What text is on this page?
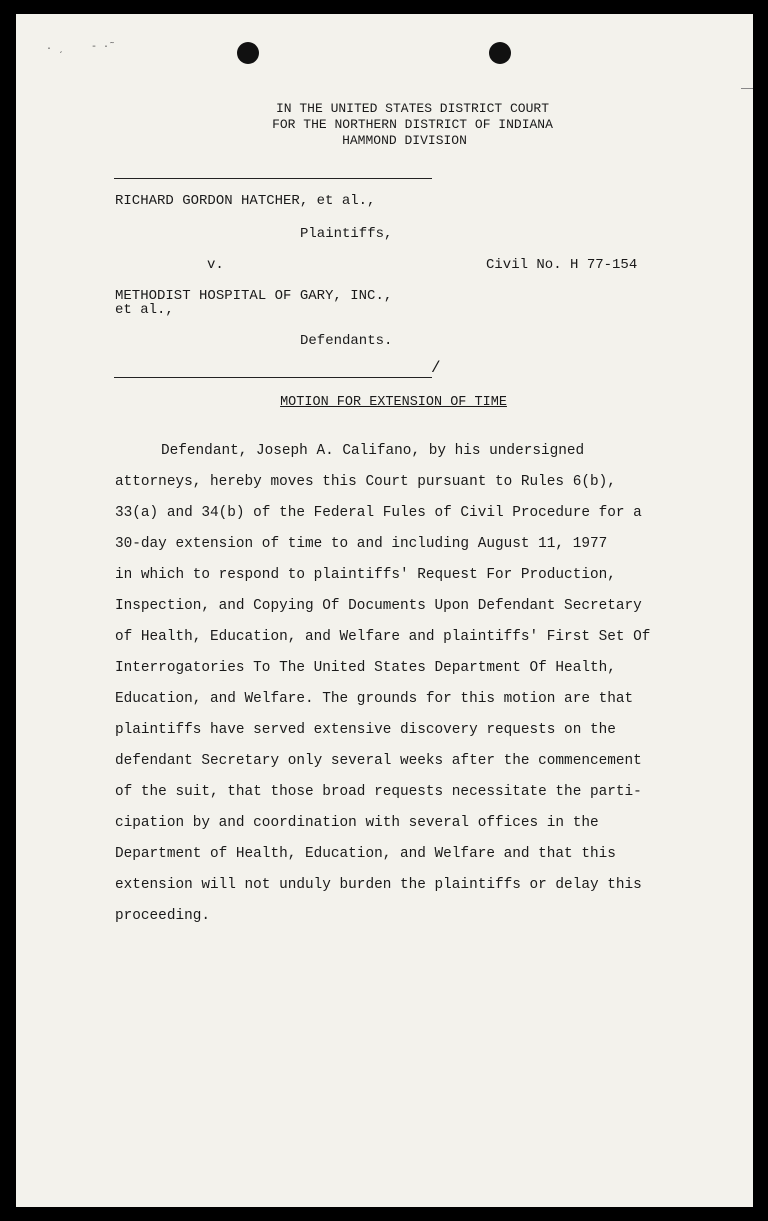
· ˏ	- ·˜
IN THE UNITED STATES DISTRICT COURT
FOR THE NORTHERN DISTRICT OF INDIANA
HAMMOND DIVISION
RICHARD GORDON HATCHER, et al.,
Plaintiffs,
v.	Civil No. H 77-154
METHODIST HOSPITAL OF GARY, INC.,
et al.,
Defendants.
/
MOTION FOR EXTENSION OF TIME
Defendant, Joseph A. Califano, by his undersigned
attorneys, hereby moves this Court pursuant to Rules 6(b),
33(a) and 34(b) of the Federal Fules of Civil Procedure for a
30-day extension of time to and including August 11, 1977
in which to respond to plaintiffs' Request For Production,
Inspection, and Copying Of Documents Upon Defendant Secretary
of Health, Education, and Welfare and plaintiffs' First Set Of
Interrogatories To The United States Department Of Health,
Education, and Welfare. The grounds for this motion are that
plaintiffs have served extensive discovery requests on the
defendant Secretary only several weeks after the commencement
of the suit, that those broad requests necessitate the parti-
cipation by and coordination with several offices in the
Department of Health, Education, and Welfare and that this
extension will not unduly burden the plaintiffs or delay this
proceeding.
